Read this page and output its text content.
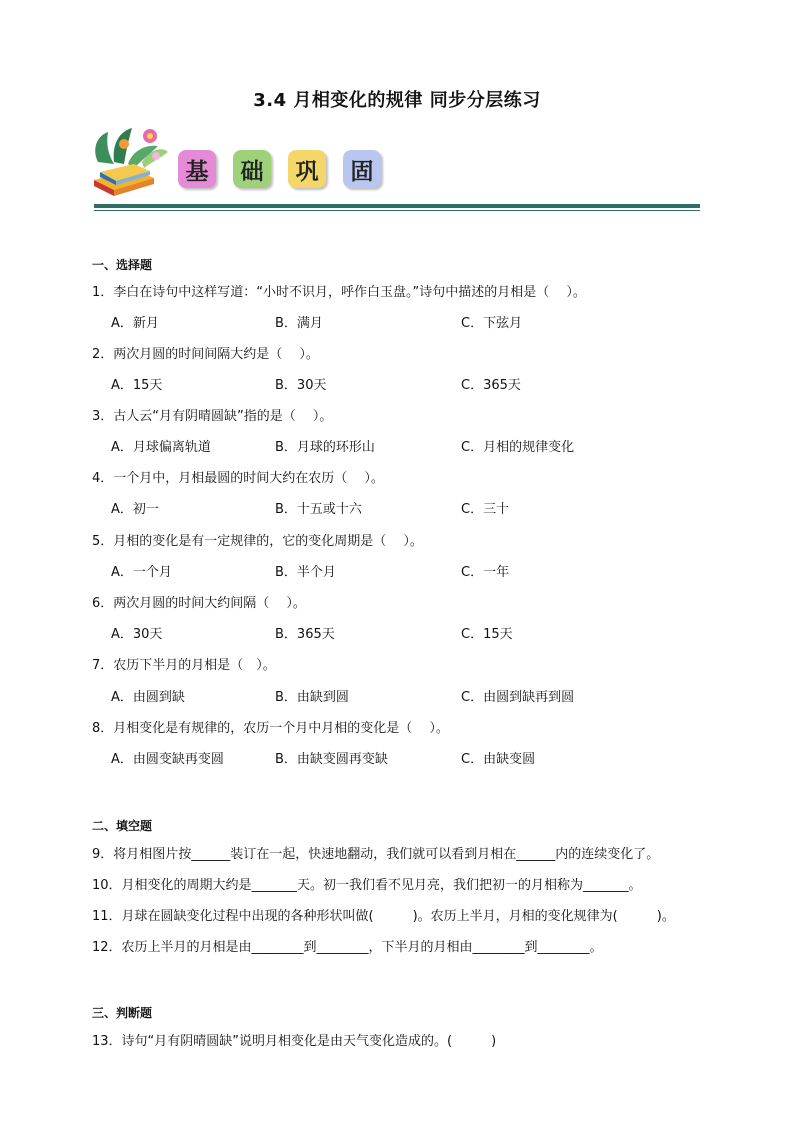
3.4 月相变化的规律 同步分层练习
基	础	巩	固
一、选择题
1．李白在诗句中这样写道：“小时不识月，呼作白玉盘。”诗句中描述的月相是（　 ）。
A．新月	B．满月	C．下弦月
2．两次月圆的时间间隔大约是（　 ）。
A．15天	B．30天	C．365天
3．古人云“月有阴晴圆缺”指的是（　 ）。
A．月球偏离轨道	B．月球的环形山	C．月相的规律变化
4．一个月中，月相最圆的时间大约在农历（　 ）。
A．初一	B．十五或十六	C．三十
5．月相的变化是有一定规律的，它的变化周期是（　 ）。
A．一个月	B．半个月	C．一年
6．两次月圆的时间大约间隔（　 ）。
A．30天	B．365天	C．15天
7．农历下半月的月相是（　）。
A．由圆到缺	B．由缺到圆	C．由圆到缺再到圆
8．月相变化是有规律的，农历一个月中月相的变化是（　 ）。
A．由圆变缺再变圆	B．由缺变圆再变缺	C．由缺变圆
二、填空题
9．将月相图片按______装订在一起，快速地翻动，我们就可以看到月相在______内的连续变化了。
10．月相变化的周期大约是_______天。初一我们看不见月亮，我们把初一的月相称为_______。
11．月球在圆缺变化过程中出现的各种形状叫做(　　　)。农历上半月，月相的变化规律为(　　　)。
12．农历上半月的月相是由________到________，下半月的月相由________到________。
三、判断题
13．诗句“月有阴晴圆缺”说明月相变化是由天气变化造成的。(　　　)
